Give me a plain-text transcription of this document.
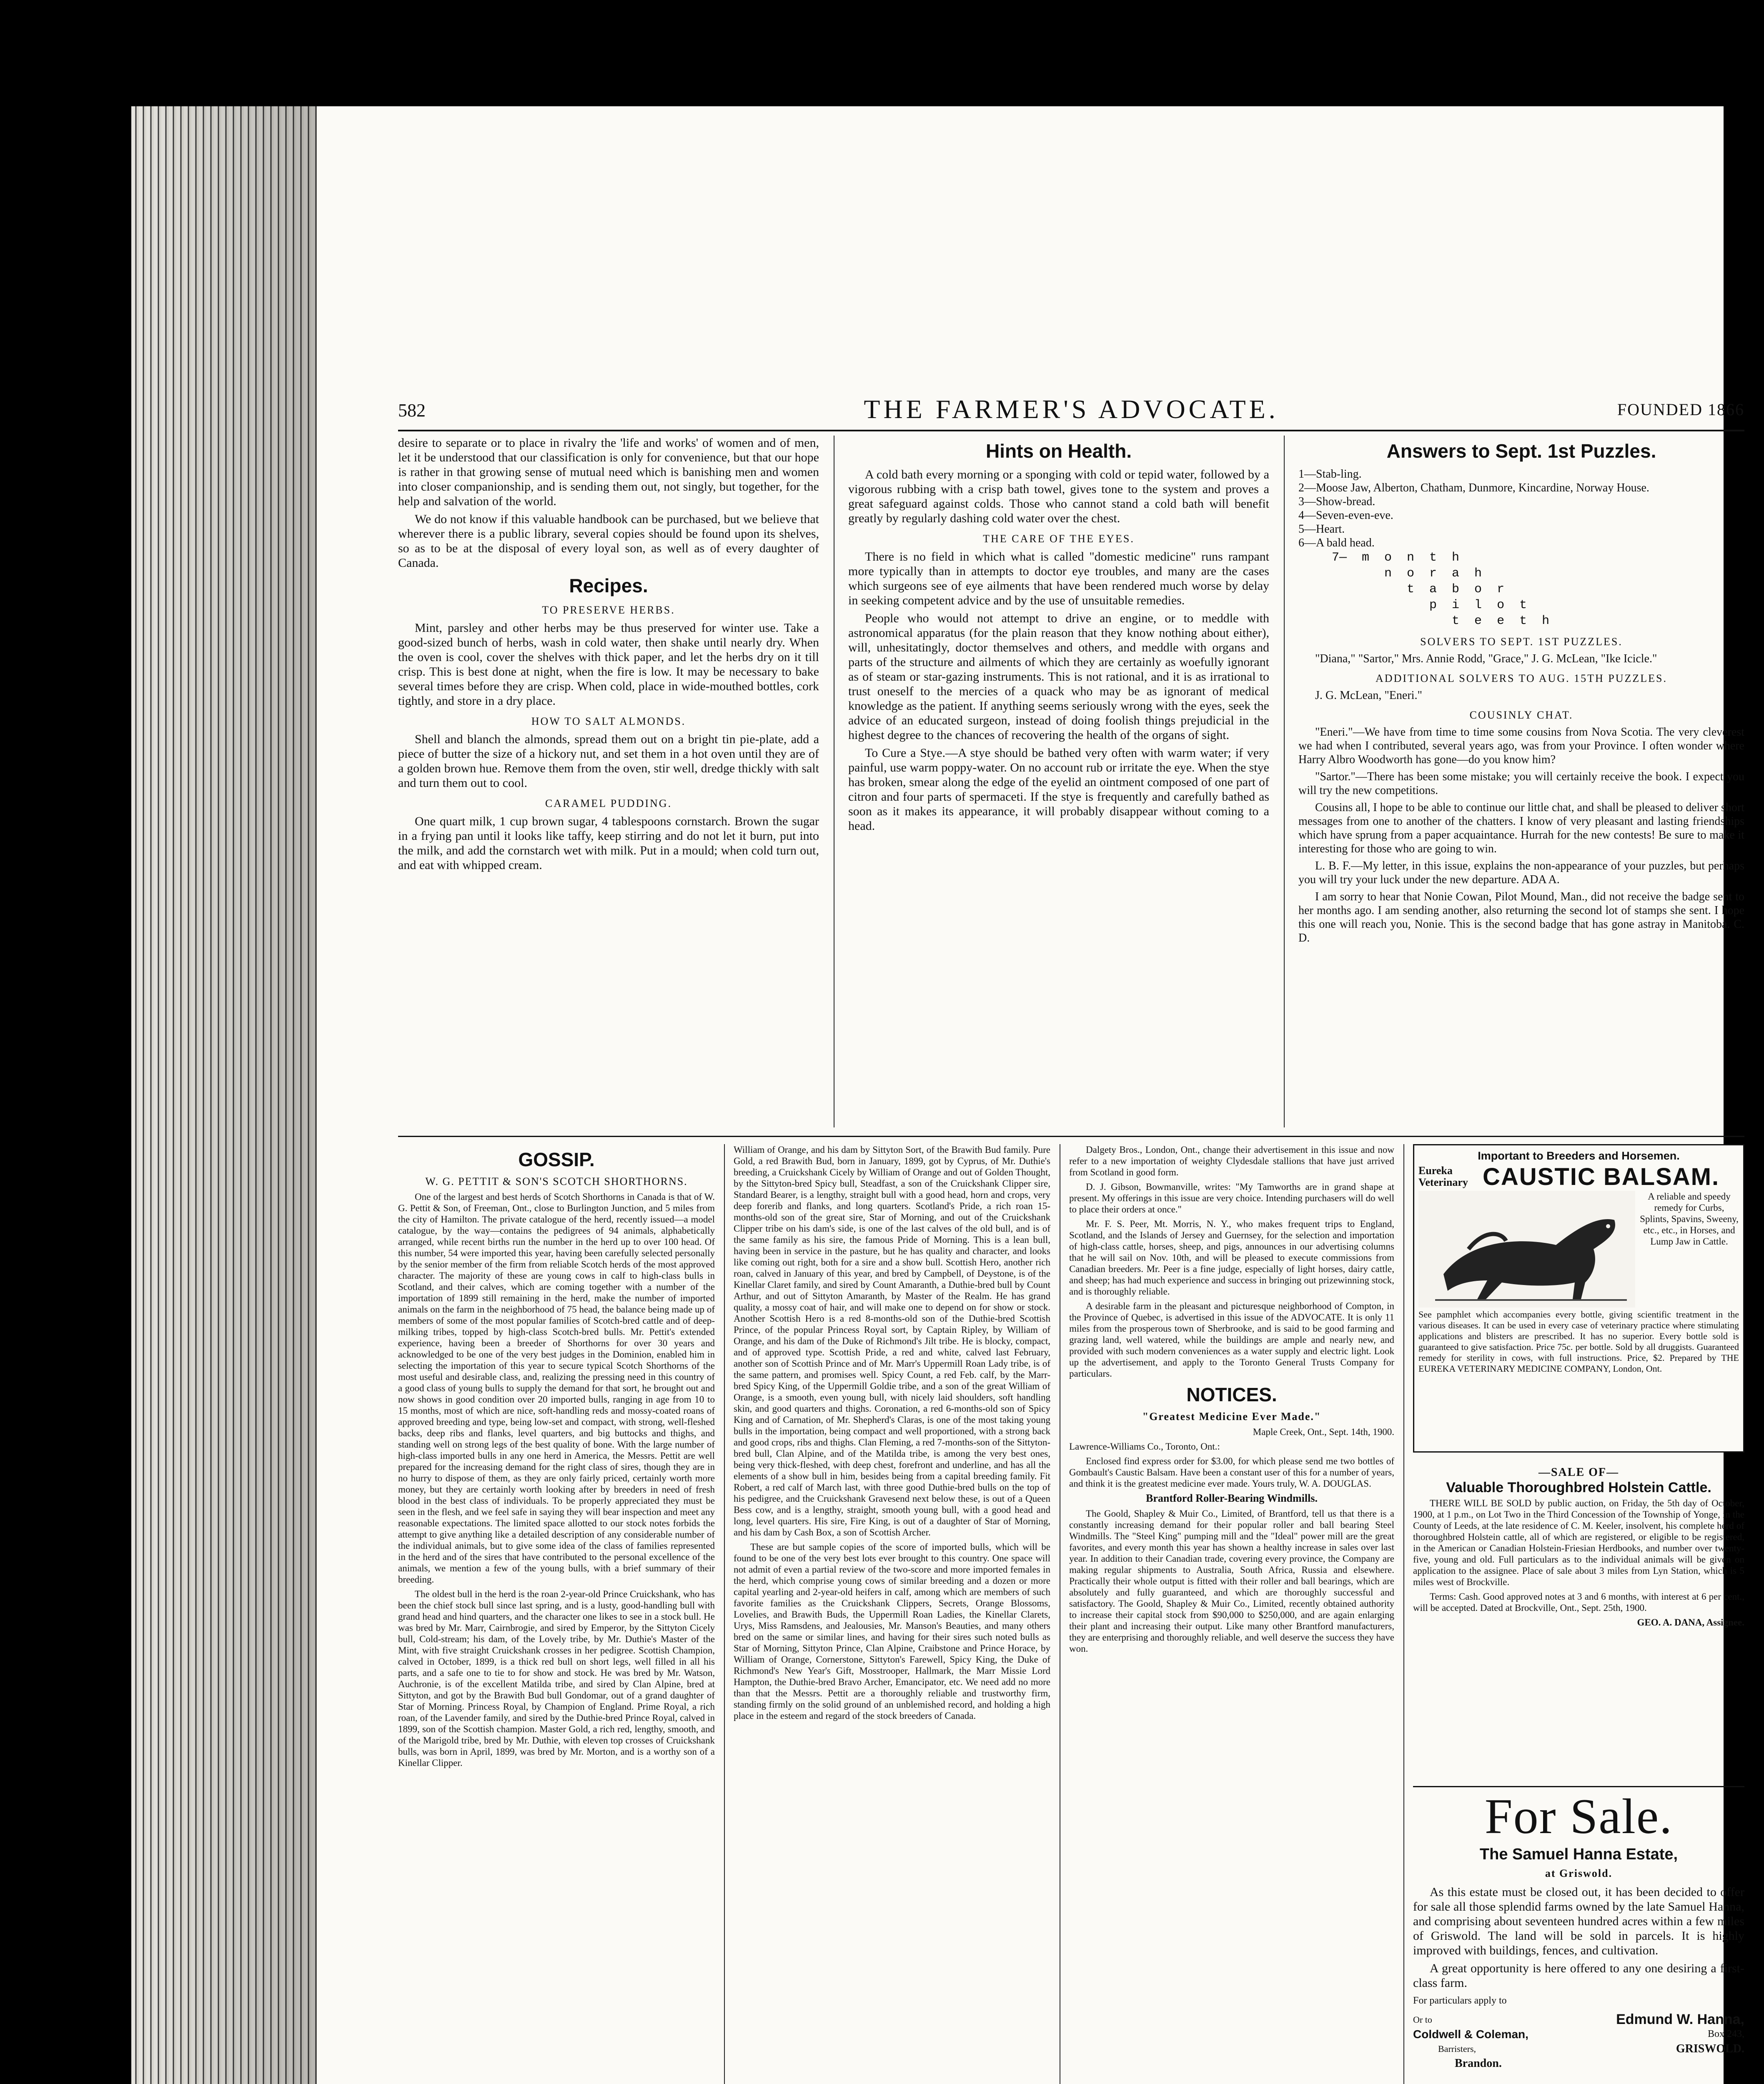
582	THE FARMER'S ADVOCATE.	FOUNDED 1866

desire to separate or to place in rivalry the 'life and works' of women and of men, let it be understood that our classification is only for convenience, but that our hope is rather in that growing sense of mutual need which is banishing men and women into closer companionship, and is sending them out, not singly, but together, for the help and salvation of the world.

We do not know if this valuable handbook can be purchased, but we believe that wherever there is a public library, several copies should be found upon its shelves, so as to be at the disposal of every loyal son, as well as of every daughter of Canada.

Recipes.
TO PRESERVE HERBS.

Mint, parsley and other herbs may be thus preserved for winter use. Take a good-sized bunch of herbs, wash in cold water, then shake until nearly dry. When the oven is cool, cover the shelves with thick paper, and let the herbs dry on it till crisp. This is best done at night, when the fire is low. It may be necessary to bake several times before they are crisp. When cold, place in wide-mouthed bottles, cork tightly, and store in a dry place.

HOW TO SALT ALMONDS.

Shell and blanch the almonds, spread them out on a bright tin pie-plate, add a piece of butter the size of a hickory nut, and set them in a hot oven until they are of a golden brown hue. Remove them from the oven, stir well, dredge thickly with salt and turn them out to cool.

CARAMEL PUDDING.

One quart milk, 1 cup brown sugar, 4 tablespoons cornstarch. Brown the sugar in a frying pan until it looks like taffy, keep stirring and do not let it burn, put into the milk, and add the cornstarch wet with milk. Put in a mould; when cold turn out, and eat with whipped cream.

Hints on Health.

A cold bath every morning or a sponging with cold or tepid water, followed by a vigorous rubbing with a crisp bath towel, gives tone to the system and proves a great safeguard against colds. Those who cannot stand a cold bath will benefit greatly by regularly dashing cold water over the chest.

THE CARE OF THE EYES.

There is no field in which what is called "domestic medicine" runs rampant more typically than in attempts to doctor eye troubles, and many are the cases which surgeons see of eye ailments that have been rendered much worse by delay in seeking competent advice and by the use of unsuitable remedies.

People who would not attempt to drive an engine, or to meddle with astronomical apparatus (for the plain reason that they know nothing about either), will, unhesitatingly, doctor themselves and others, and meddle with organs and parts of the structure and ailments of which they are certainly as woefully ignorant as of steam or star-gazing instruments. This is not rational, and it is as irrational to trust oneself to the mercies of a quack who may be as ignorant of medical knowledge as the patient. If anything seems seriously wrong with the eyes, seek the advice of an educated surgeon, instead of doing foolish things prejudicial in the highest degree to the chances of recovering the health of the organs of sight.

To Cure a Stye.—A stye should be bathed very often with warm water; if very painful, use warm poppy-water. On no account rub or irritate the eye. When the stye has broken, smear along the edge of the eyelid an ointment composed of one part of citron and four parts of spermaceti. If the stye is frequently and carefully bathed as soon as it makes its appearance, it will probably disappear without coming to a head.

Answers to Sept. 1st Puzzles.
1—Stab-ling.
2—Moose Jaw, Alberton, Chatham, Dunmore, Kincardine, Norway House.
3—Show-bread.
4—Seven-even-eve.
5—Heart.
6—A bald head.
7—  m  o  n  t  h
n  o  r  a  h
t  a  b  o  r
p  i  l  o  t
t  e  e  t  h
SOLVERS TO SEPT. 1ST PUZZLES.

"Diana," "Sartor," Mrs. Annie Rodd, "Grace," J. G. McLean, "Ike Icicle."

ADDITIONAL SOLVERS TO AUG. 15TH PUZZLES.

J. G. McLean, "Eneri."

COUSINLY CHAT.

"Eneri."—We have from time to time some cousins from Nova Scotia. The very cleverest we had when I contributed, several years ago, was from your Province. I often wonder where Harry Albro Woodworth has gone—do you know him?

"Sartor."—There has been some mistake; you will certainly receive the book. I expect you will try the new competitions.

Cousins all, I hope to be able to continue our little chat, and shall be pleased to deliver short messages from one to another of the chatters. I know of very pleasant and lasting friendships which have sprung from a paper acquaintance. Hurrah for the new contests! Be sure to make it interesting for those who are going to win.

L. B. F.—My letter, in this issue, explains the non-appearance of your puzzles, but perhaps you will try your luck under the new departure. ADA A.

I am sorry to hear that Nonie Cowan, Pilot Mound, Man., did not receive the badge sent to her months ago. I am sending another, also returning the second lot of stamps she sent. I hope this one will reach you, Nonie. This is the second badge that has gone astray in Manitoba. C. D.

GOSSIP.
W. G. PETTIT & SON'S SCOTCH SHORTHORNS.

One of the largest and best herds of Scotch Shorthorns in Canada is that of W. G. Pettit & Son, of Freeman, Ont., close to Burlington Junction, and 5 miles from the city of Hamilton. The private catalogue of the herd, recently issued—a model catalogue, by the way—contains the pedigrees of 94 animals, alphabetically arranged, while recent births run the number in the herd up to over 100 head. Of this number, 54 were imported this year, having been carefully selected personally by the senior member of the firm from reliable Scotch herds of the most approved character. The majority of these are young cows in calf to high-class bulls in Scotland, and their calves, which are coming together with a number of the importation of 1899 still remaining in the herd, make the number of imported animals on the farm in the neighborhood of 75 head, the balance being made up of members of some of the most popular families of Scotch-bred cattle and of deep-milking tribes, topped by high-class Scotch-bred bulls. Mr. Pettit's extended experience, having been a breeder of Shorthorns for over 30 years and acknowledged to be one of the very best judges in the Dominion, enabled him in selecting the importation of this year to secure typical Scotch Shorthorns of the most useful and desirable class, and, realizing the pressing need in this country of a good class of young bulls to supply the demand for that sort, he brought out and now shows in good condition over 20 imported bulls, ranging in age from 10 to 15 months, most of which are nice, soft-handling reds and mossy-coated roans of approved breeding and type, being low-set and compact, with strong, well-fleshed backs, deep ribs and flanks, level quarters, and big buttocks and thighs, and standing well on strong legs of the best quality of bone. With the large number of high-class imported bulls in any one herd in America, the Messrs. Pettit are well prepared for the increasing demand for the right class of sires, though they are in no hurry to dispose of them, as they are only fairly priced, certainly worth more money, but they are certainly worth looking after by breeders in need of fresh blood in the best class of individuals. To be properly appreciated they must be seen in the flesh, and we feel safe in saying they will bear inspection and meet any reasonable expectations. The limited space allotted to our stock notes forbids the attempt to give anything like a detailed description of any considerable number of the individual animals, but to give some idea of the class of families represented in the herd and of the sires that have contributed to the personal excellence of the animals, we mention a few of the young bulls, with a brief summary of their breeding.

The oldest bull in the herd is the roan 2-year-old Prince Cruickshank, who has been the chief stock bull since last spring, and is a lusty, good-handling bull with grand head and hind quarters, and the character one likes to see in a stock bull. He was bred by Mr. Marr, Cairnbrogie, and sired by Emperor, by the Sittyton Cicely bull, Cold-stream; his dam, of the Lovely tribe, by Mr. Duthie's Master of the Mint, with five straight Cruickshank crosses in her pedigree. Scottish Champion, calved in October, 1899, is a thick red bull on short legs, well filled in all his parts, and a safe one to tie to for show and stock. He was bred by Mr. Watson, Auchronie, is of the excellent Matilda tribe, and sired by Clan Alpine, bred at Sittyton, and got by the Brawith Bud bull Gondomar, out of a grand daughter of Star of Morning. Princess Royal, by Champion of England. Prime Royal, a rich roan, of the Lavender family, and sired by the Duthie-bred Prince Royal, calved in 1899, son of the Scottish champion. Master Gold, a rich red, lengthy, smooth, and of the Marigold tribe, bred by Mr. Duthie, with eleven top crosses of Cruickshank bulls, was born in April, 1899, was bred by Mr. Morton, and is a worthy son of a Kinellar Clipper.

William of Orange, and his dam by Sittyton Sort, of the Brawith Bud family. Pure Gold, a red Brawith Bud, born in January, 1899, got by Cyprus, of Mr. Duthie's breeding, a Cruickshank Cicely by William of Orange and out of Golden Thought, by the Sittyton-bred Spicy bull, Steadfast, a son of the Cruickshank Clipper sire, Standard Bearer, is a lengthy, straight bull with a good head, horn and crops, very deep forerib and flanks, and long quarters. Scotland's Pride, a rich roan 15-months-old son of the great sire, Star of Morning, and out of the Cruickshank Clipper tribe on his dam's side, is one of the last calves of the old bull, and is of the same family as his sire, the famous Pride of Morning. This is a lean bull, having been in service in the pasture, but he has quality and character, and looks like coming out right, both for a sire and a show bull. Scottish Hero, another rich roan, calved in January of this year, and bred by Campbell, of Deystone, is of the Kinellar Claret family, and sired by Count Amaranth, a Duthie-bred bull by Count Arthur, and out of Sittyton Amaranth, by Master of the Realm. He has grand quality, a mossy coat of hair, and will make one to depend on for show or stock. Another Scottish Hero is a red 8-months-old son of the Duthie-bred Scottish Prince, of the popular Princess Royal sort, by Captain Ripley, by William of Orange, and his dam of the Duke of Richmond's Jilt tribe. He is blocky, compact, and of approved type. Scottish Pride, a red and white, calved last February, another son of Scottish Prince and of Mr. Marr's Uppermill Roan Lady tribe, is of the same pattern, and promises well. Spicy Count, a red Feb. calf, by the Marr-bred Spicy King, of the Uppermill Goldie tribe, and a son of the great William of Orange, is a smooth, even young bull, with nicely laid shoulders, soft handling skin, and good quarters and thighs. Coronation, a red 6-months-old son of Spicy King and of Carnation, of Mr. Shepherd's Claras, is one of the most taking young bulls in the importation, being compact and well proportioned, with a strong back and good crops, ribs and thighs. Clan Fleming, a red 7-months-son of the Sittyton-bred bull, Clan Alpine, and of the Matilda tribe, is among the very best ones, being very thick-fleshed, with deep chest, forefront and underline, and has all the elements of a show bull in him, besides being from a capital breeding family. Fit Robert, a red calf of March last, with three good Duthie-bred bulls on the top of his pedigree, and the Cruickshank Gravesend next below these, is out of a Queen Bess cow, and is a lengthy, straight, smooth young bull, with a good head and long, level quarters. His sire, Fire King, is out of a daughter of Star of Morning, and his dam by Cash Box, a son of Scottish Archer.

These are but sample copies of the score of imported bulls, which will be found to be one of the very best lots ever brought to this country. One space will not admit of even a partial review of the two-score and more imported females in the herd, which comprise young cows of similar breeding and a dozen or more capital yearling and 2-year-old heifers in calf, among which are members of such favorite families as the Cruickshank Clippers, Secrets, Orange Blossoms, Lovelies, and Brawith Buds, the Uppermill Roan Ladies, the Kinellar Clarets, Urys, Miss Ramsdens, and Jealousies, Mr. Manson's Beauties, and many others bred on the same or similar lines, and having for their sires such noted bulls as Star of Morning, Sittyton Prince, Clan Alpine, Craibstone and Prince Horace, by William of Orange, Cornerstone, Sittyton's Farewell, Spicy King, the Duke of Richmond's New Year's Gift, Mosstrooper, Hallmark, the Marr Missie Lord Hampton, the Duthie-bred Bravo Archer, Emancipator, etc. We need add no more than that the Messrs. Pettit are a thoroughly reliable and trustworthy firm, standing firmly on the solid ground of an unblemished record, and holding a high place in the esteem and regard of the stock breeders of Canada.

Dalgety Bros., London, Ont., change their advertisement in this issue and now refer to a new importation of weighty Clydesdale stallions that have just arrived from Scotland in good form.

D. J. Gibson, Bowmanville, writes: "My Tamworths are in grand shape at present. My offerings in this issue are very choice. Intending purchasers will do well to place their orders at once."

Mr. F. S. Peer, Mt. Morris, N. Y., who makes frequent trips to England, Scotland, and the Islands of Jersey and Guernsey, for the selection and importation of high-class cattle, horses, sheep, and pigs, announces in our advertising columns that he will sail on Nov. 10th, and will be pleased to execute commissions from Canadian breeders. Mr. Peer is a fine judge, especially of light horses, dairy cattle, and sheep; has had much experience and success in bringing out prizewinning stock, and is thoroughly reliable.

A desirable farm in the pleasant and picturesque neighborhood of Compton, in the Province of Quebec, is advertised in this issue of the ADVOCATE. It is only 11 miles from the prosperous town of Sherbrooke, and is said to be good farming and grazing land, well watered, while the buildings are ample and nearly new, and provided with such modern conveniences as a water supply and electric light. Look up the advertisement, and apply to the Toronto General Trusts Company for particulars.

NOTICES.
"Greatest Medicine Ever Made."

Maple Creek, Ont., Sept. 14th, 1900.

Lawrence-Williams Co., Toronto, Ont.:

Enclosed find express order for $3.00, for which please send me two bottles of Gombault's Caustic Balsam. Have been a constant user of this for a number of years, and think it is the greatest medicine ever made. Yours truly, W. A. DOUGLAS.

Brantford Roller-Bearing Windmills.

The Goold, Shapley & Muir Co., Limited, of Brantford, tell us that there is a constantly increasing demand for their popular roller and ball bearing Steel Windmills. The "Steel King" pumping mill and the "Ideal" power mill are the great favorites, and every month this year has shown a healthy increase in sales over last year. In addition to their Canadian trade, covering every province, the Company are making regular shipments to Australia, South Africa, Russia and elsewhere. Practically their whole output is fitted with their roller and ball bearings, which are absolutely and fully guaranteed, and which are thoroughly successful and satisfactory. The Goold, Shapley & Muir Co., Limited, recently obtained authority to increase their capital stock from $90,000 to $250,000, and are again enlarging their plant and increasing their output. Like many other Brantford manufacturers, they are enterprising and thoroughly reliable, and well deserve the success they have won.

Important to Breeders and Horsemen.
Eureka Veterinary CAUSTIC BALSAM.
A reliable and speedy remedy for Curbs, Splints, Spavins, Sweeny, etc., etc., in Horses, and Lump Jaw in Cattle.

See pamphlet which accompanies every bottle, giving scientific treatment in the various diseases. It can be used in every case of veterinary practice where stimulating applications and blisters are prescribed. It has no superior. Every bottle sold is guaranteed to give satisfaction. Price 75c. per bottle. Sold by all druggists. Guaranteed remedy for sterility in cows, with full instructions. Price, $2. Prepared by THE EUREKA VETERINARY MEDICINE COMPANY, London, Ont.

—SALE OF—
Valuable Thoroughbred Holstein Cattle.

THERE WILL BE SOLD by public auction, on Friday, the 5th day of October, 1900, at 1 p.m., on Lot Two in the Third Concession of the Township of Yonge, in the County of Leeds, at the late residence of C. M. Keeler, insolvent, his complete herd of thoroughbred Holstein cattle, all of which are registered, or eligible to be registered, in the American or Canadian Holstein-Friesian Herdbooks, and number over twenty-five, young and old. Full particulars as to the individual animals will be given on application to the assignee. Place of sale about 3 miles from Lyn Station, which is 5 miles west of Brockville.

Terms: Cash. Good approved notes at 3 and 6 months, with interest at 6 per cent., will be accepted. Dated at Brockville, Ont., Sept. 25th, 1900.

GEO. A. DANA, Assignee.

For Sale.
The Samuel Hanna Estate,
at Griswold.

As this estate must be closed out, it has been decided to offer for sale all those splendid farms owned by the late Samuel Hanna, and comprising about seventeen hundred acres within a few miles of Griswold. The land will be sold in parcels. It is highly improved with buildings, fences, and cultivation.

A great opportunity is here offered to any one desiring a first-class farm.

For particulars apply to

Or to
Coldwell & Coleman,
Barristers,
Brandon.
Edmund W. Hanna,
Box 243,
GRISWOLD.
